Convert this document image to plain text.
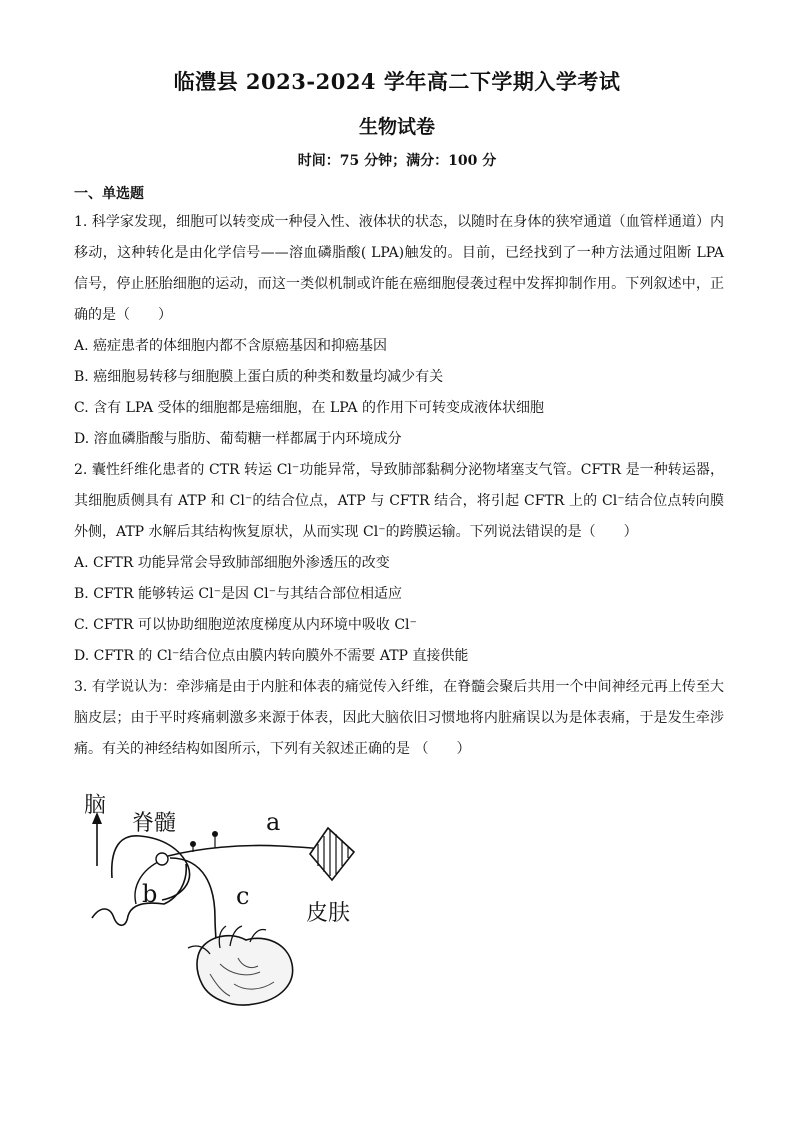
临澧县 2023-2024 学年高二下学期入学考试
生物试卷
时间：75 分钟；满分：100 分
一、单选题

1. 科学家发现，细胞可以转变成一种侵入性、液体状的状态，以随时在身体的狭窄通道（血管样通道）内移动，这种转化是由化学信号——溶血磷脂酸( LPA)触发的。目前，已经找到了一种方法通过阻断 LPA 信号，停止胚胎细胞的运动，而这一类似机制或许能在癌细胞侵袭过程中发挥抑制作用。下列叙述中，正确的是（　　）

A. 癌症患者的体细胞内都不含原癌基因和抑癌基因

B. 癌细胞易转移与细胞膜上蛋白质的种类和数量均减少有关

C. 含有 LPA 受体的细胞都是癌细胞，在 LPA 的作用下可转变成液体状细胞

D. 溶血磷脂酸与脂肪、葡萄糖一样都属于内环境成分

2. 囊性纤维化患者的 CTR 转运 Cl⁻功能异常，导致肺部黏稠分泌物堵塞支气管。CFTR 是一种转运器，其细胞质侧具有 ATP 和 Cl⁻的结合位点，ATP 与 CFTR 结合，将引起 CFTR 上的 Cl⁻结合位点转向膜外侧，ATP 水解后其结构恢复原状，从而实现 Cl⁻的跨膜运输。下列说法错误的是（　　）

A. CFTR 功能异常会导致肺部细胞外渗透压的改变

B. CFTR 能够转运 Cl⁻是因 Cl⁻与其结合部位相适应

C. CFTR 可以协助细胞逆浓度梯度从内环境中吸收 Cl⁻

D. CFTR 的 Cl⁻结合位点由膜内转向膜外不需要 ATP 直接供能

3. 有学说认为：牵涉痛是由于内脏和体表的痛觉传入纤维，在脊髓会聚后共用一个中间神经元再上传至大脑皮层；由于平时疼痛刺激多来源于体表，因此大脑依旧习惯地将内脏痛误以为是体表痛，于是发生牵涉痛。有关的神经结构如图所示，下列有关叙述正确的是 （　　）

脑
脊髓	a
b	c
皮肤
